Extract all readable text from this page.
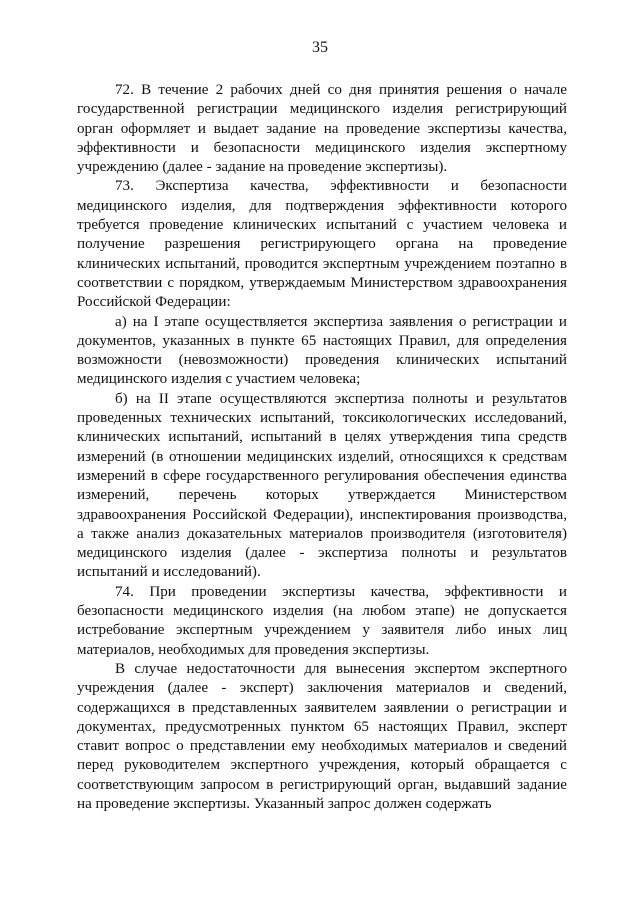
35

72. В течение 2 рабочих дней со дня принятия решения о начале государственной регистрации медицинского изделия регистрирующий орган оформляет и выдает задание на проведение экспертизы качества, эффективности и безопасности медицинского изделия экспертному учреждению (далее - задание на проведение экспертизы).

73. Экспертиза качества, эффективности и безопасности медицинского изделия, для подтверждения эффективности которого требуется проведение клинических испытаний с участием человека и получение разрешения регистрирующего органа на проведение клинических испытаний, проводится экспертным учреждением поэтапно в соответствии с порядком, утверждаемым Министерством здравоохранения Российской Федерации:

а) на I этапе осуществляется экспертиза заявления о регистрации и документов, указанных в пункте 65 настоящих Правил, для определения возможности (невозможности) проведения клинических испытаний медицинского изделия с участием человека;

б) на II этапе осуществляются экспертиза полноты и результатов проведенных технических испытаний, токсикологических исследований, клинических испытаний, испытаний в целях утверждения типа средств измерений (в отношении медицинских изделий, относящихся к средствам измерений в сфере государственного регулирования обеспечения единства измерений, перечень которых утверждается Министерством здравоохранения Российской Федерации), инспектирования производства, а также анализ доказательных материалов производителя (изготовителя) медицинского изделия (далее - экспертиза полноты и результатов испытаний и исследований).

74. При проведении экспертизы качества, эффективности и безопасности медицинского изделия (на любом этапе) не допускается истребование экспертным учреждением у заявителя либо иных лиц материалов, необходимых для проведения экспертизы.

В случае недостаточности для вынесения экспертом экспертного учреждения (далее - эксперт) заключения материалов и сведений, содержащихся в представленных заявителем заявлении о регистрации и документах, предусмотренных пунктом 65 настоящих Правил, эксперт ставит вопрос о представлении ему необходимых материалов и сведений перед руководителем экспертного учреждения, который обращается с соответствующим запросом в регистрирующий орган, выдавший задание на проведение экспертизы. Указанный запрос должен содержать
